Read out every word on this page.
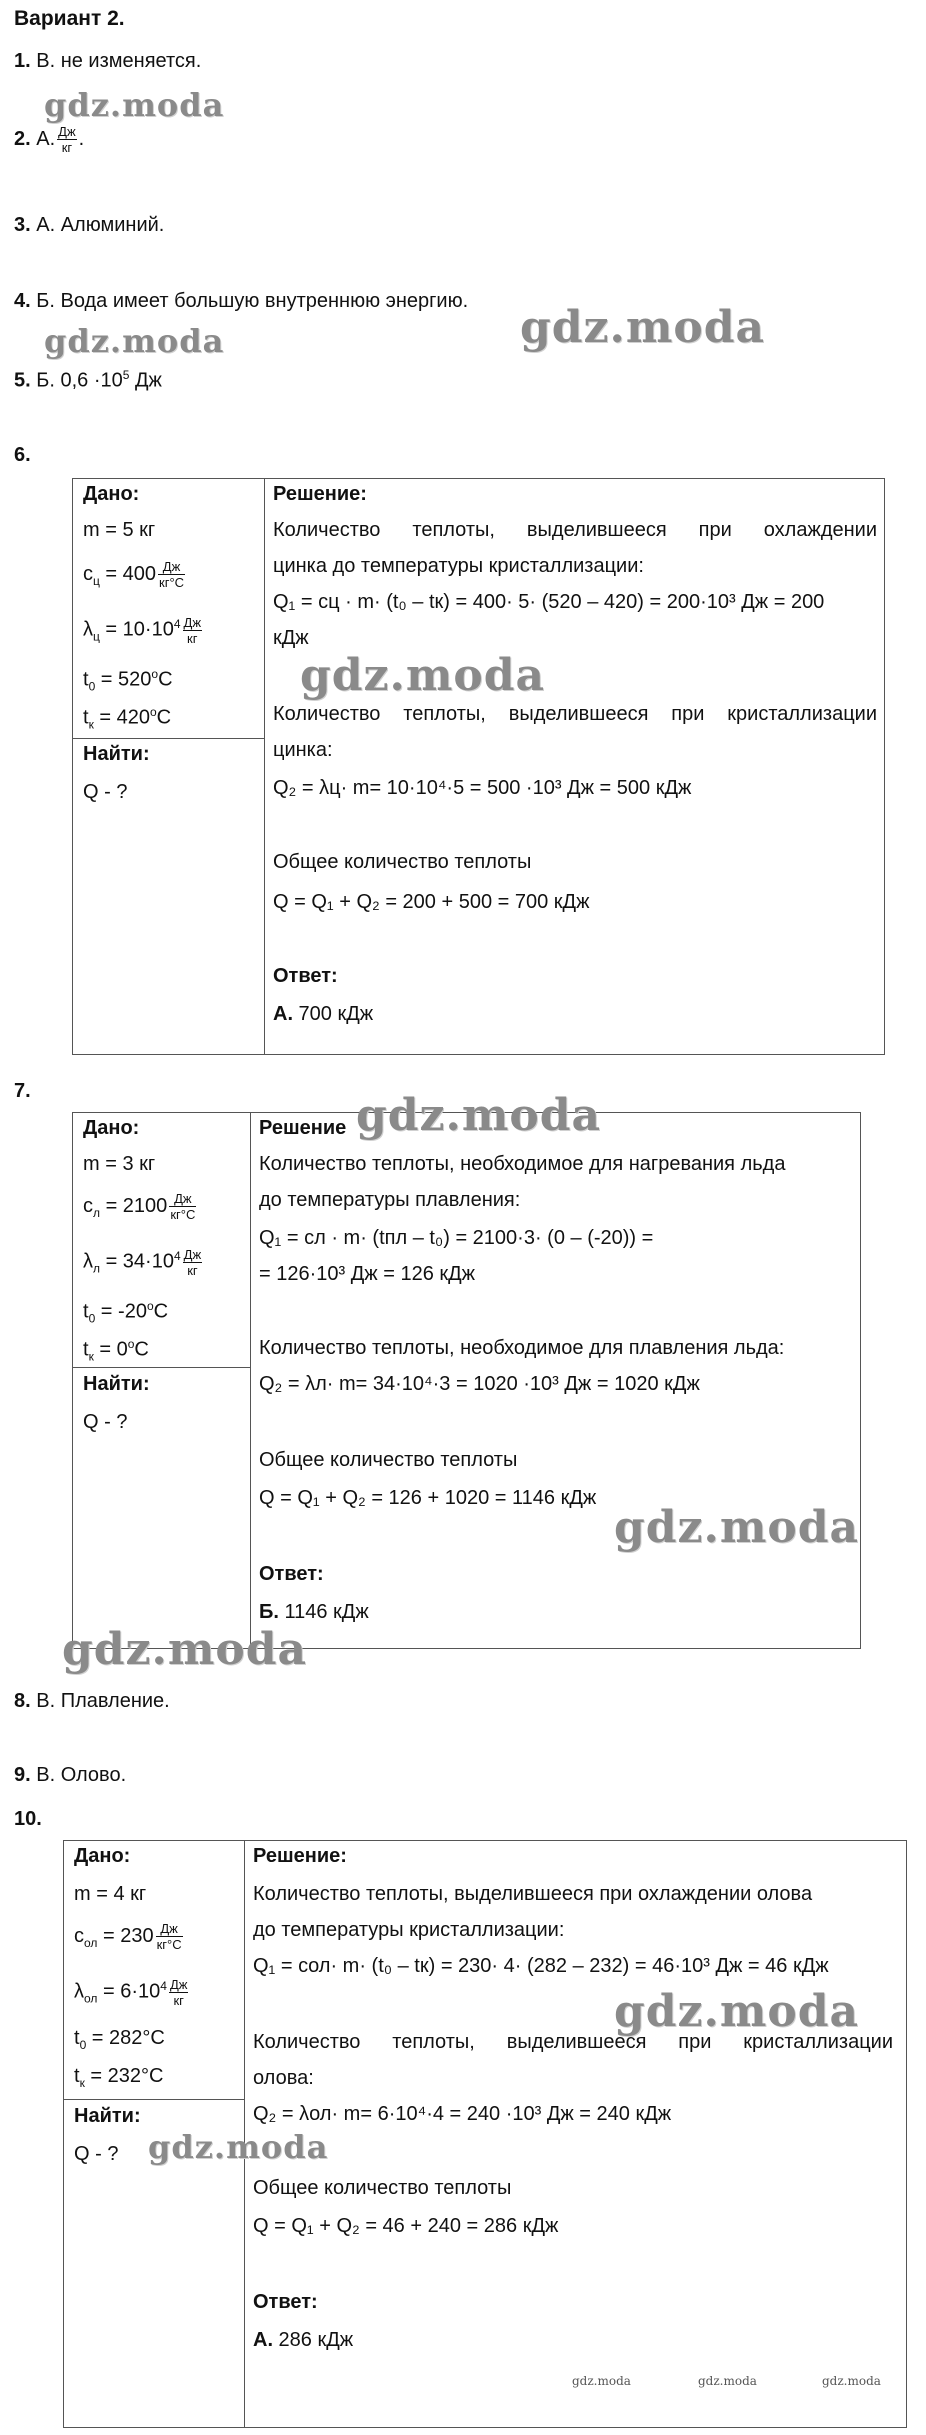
Вариант 2.
1. В. не изменяется.
2. А. $\frac{Дж}{кг}$ .
3. А. Алюминий.
4. Б. Вода имеет большую внутреннюю энергию.
5. Б. $0,6 \cdot 10^5$ Дж
6.
Дано:
m = 5 кг
$c_ц = 400 \frac{Дж}{кг^\circ C}$
$\lambda_ц = 10\cdot 10^4 \frac{Дж}{кг}$
$t_0 = 520^oC$
$t_к = 420^oC$
Найти:
Q - ?

Решение:
Количество теплоты, выделившееся при охлаждении
цинка до температуры кристаллизации:
Q₁ = cц · m· (t₀ – tк) = 400· 5· (520 – 420) = 200·10³ Дж = 200
кДж
Количество теплоты, выделившееся при кристаллизации
цинка:
Q₂ = λц· m= 10·10⁴·5 = 500 ·10³ Дж = 500 кДж
Общее количество теплоты
Q = Q₁ + Q₂ = 200 + 500 = 700 кДж
Ответ:
А. 700 кДж
7.
Дано:
m = 3 кг
$c_л = 2100 \frac{Дж}{кг^\circ C}$
$\lambda_л = 34\cdot 10^4 \frac{Дж}{кг}$
$t_0 = -20^oC$
$t_к = 0^oC$
Найти:
Q - ?

Решение
Количество теплоты, необходимое для нагревания льда
до температуры плавления:
Q₁ = cл · m· (tпл – t₀) = 2100·3· (0 – (-20)) =
= 126·10³ Дж = 126 кДж
Количество теплоты, необходимое для плавления льда:
Q₂ = λл· m= 34·10⁴·3 = 1020 ·10³ Дж = 1020 кДж
Общее количество теплоты
Q = Q₁ + Q₂ = 126 + 1020 = 1146 кДж
Ответ:
Б. 1146 кДж
8. В. Плавление.
9. В. Олово.
10.
Дано:
m = 4 кг
$c_{ол} = 230 \frac{Дж}{кг^\circ C}$
$\lambda_{ол} = 6\cdot 10^4 \frac{Дж}{кг}$
$t_0 = 282^\circ C$
$t_к = 232^\circ C$
Найти:
Q - ?

Решение:
Количество теплоты, выделившееся при охлаждении олова
до температуры кристаллизации:
Q₁ = cол· m· (t₀ – tк) = 230· 4· (282 – 232) = 46·10³ Дж = 46 кДж
Количество теплоты, выделившееся при кристаллизации
олова:
Q₂ = λол· m= 6·10⁴·4 = 240 ·10³ Дж = 240 кДж
Общее количество теплоты
Q = Q₁ + Q₂ = 46 + 240 = 286 кДж
Ответ:
А. 286 кДж
gdz.moda
gdz.moda	gdz.moda
gdz.moda
gdz.moda
gdz.moda
gdz.moda
gdz.moda
gdz.moda
gdz.moda	gdz.moda	gdz.moda
